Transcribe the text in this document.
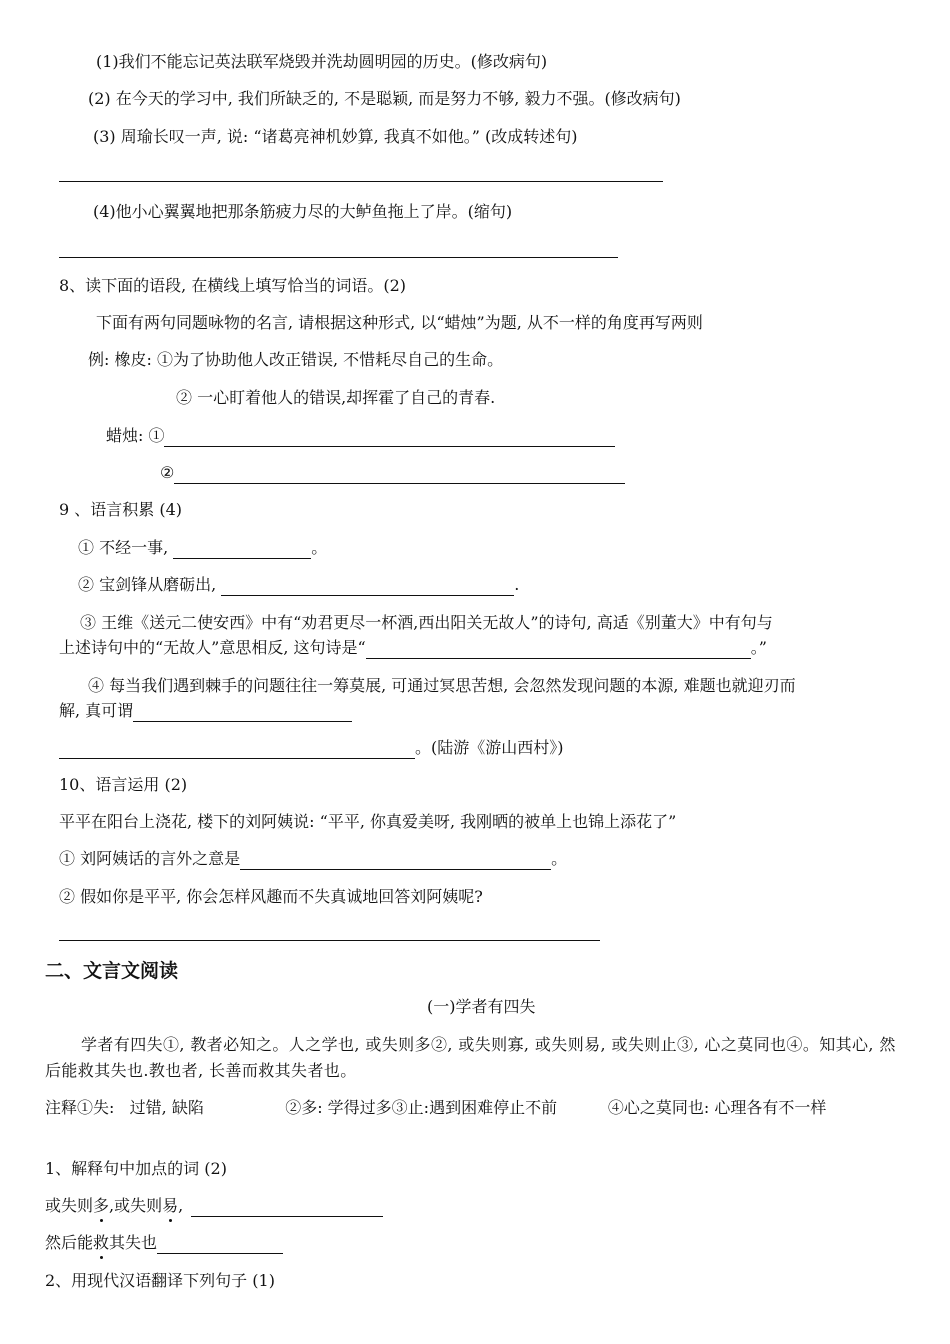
(1)我们不能忘记英法联军烧毁并洗劫圆明园的历史。(修改病句)
(2) 在今天的学习中, 我们所缺乏的, 不是聪颖, 而是努力不够, 毅力不强。(修改病句)
(3) 周瑜长叹一声, 说: “诸葛亮神机妙算, 我真不如他。” (改成转述句)
(4)他小心翼翼地把那条筋疲力尽的大鲈鱼拖上了岸。(缩句)
8、读下面的语段, 在横线上填写恰当的词语。(2)
下面有两句同题咏物的名言, 请根据这种形式, 以“蜡烛”为题, 从不一样的角度再写两则
例: 橡皮: ①为了协助他人改正错误, 不惜耗尽自己的生命。
② 一心盯着他人的错误,却挥霍了自己的青春.
蜡烛: ①
②
9 、语言积累 (4)
① 不经一事,	。
② 宝剑锋从磨砺出,	.
③ 王维《送元二使安西》中有“劝君更尽一杯酒,西出阳关无故人”的诗句, 高适《别董大》中有句与
上述诗句中的“无故人”意思相反, 这句诗是“	。”
④ 每当我们遇到棘手的问题往往一筹莫展, 可通过冥思苦想, 会忽然发现问题的本源, 难题也就迎刃而
解, 真可谓
。(陆游《游山西村》)
10、语言运用 (2)
平平在阳台上浇花, 楼下的刘阿姨说: “平平, 你真爱美呀, 我刚晒的被单上也锦上添花了”
① 刘阿姨话的言外之意是	。
② 假如你是平平, 你会怎样风趣而不失真诚地回答刘阿姨呢?
二、文言文阅读
(一)学者有四失
学者有四失①, 教者必知之。人之学也, 或失则多②, 或失则寡, 或失则易, 或失则止③, 心之莫同也④。知其心, 然后能救其失也.教也者, 长善而救其失者也。
注释①失:   过错, 缺陷                ②多: 学得过多③止:遇到困难停止不前          ④心之莫同也: 心理各有不一样
1、解释句中加点的词 (2)
或失则多,或失则易,
然后能救其失也
2、用现代汉语翻译下列句子 (1)
